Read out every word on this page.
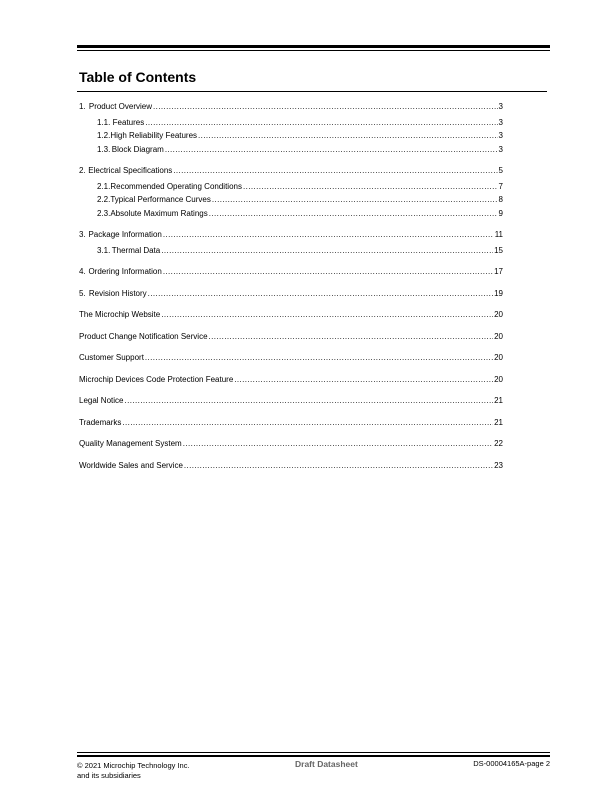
Table of Contents
1. Product Overview .....	3
1.1. Features .....	3
1.2. High Reliability Features .....	3
1.3. Block Diagram .....	3
2. Electrical Specifications .....	5
2.1. Recommended Operating Conditions .....	7
2.2. Typical Performance Curves .....	8
2.3. Absolute Maximum Ratings .....	9
3. Package Information .....	11
3.1. Thermal Data .....	15
4. Ordering Information .....	17
5. Revision History .....	19
The Microchip Website .....	20
Product Change Notification Service .....	20
Customer Support .....	20
Microchip Devices Code Protection Feature .....	20
Legal Notice .....	21
Trademarks .....	21
Quality Management System .....	22
Worldwide Sales and Service .....	23
© 2021 Microchip Technology Inc.
and its subsidiaries
Draft Datasheet	DS-00004165A-page 2
